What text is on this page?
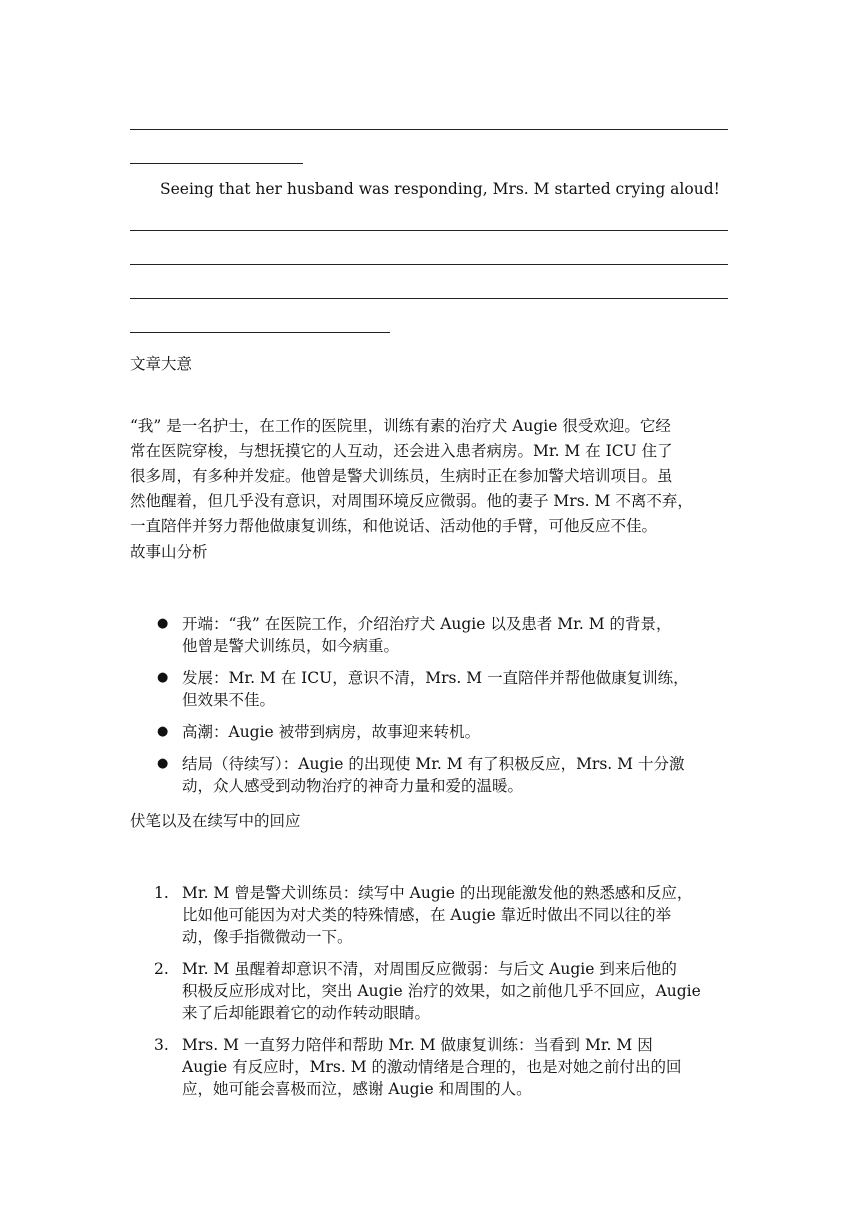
Seeing that her husband was responding, Mrs. M started crying aloud!
文章大意
“我” 是一名护士，在工作的医院里，训练有素的治疗犬 Augie 很受欢迎。它经
常在医院穿梭，与想抚摸它的人互动，还会进入患者病房。Mr. M 在 ICU 住了
很多周，有多种并发症。他曾是警犬训练员，生病时正在参加警犬培训项目。虽
然他醒着，但几乎没有意识，对周围环境反应微弱。他的妻子 Mrs. M 不离不弃，
一直陪伴并努力帮他做康复训练，和他说话、活动他的手臂，可他反应不佳。
故事山分析
● 开端：“我” 在医院工作，介绍治疗犬 Augie 以及患者 Mr. M 的背景，
他曾是警犬训练员，如今病重。
● 发展：Mr. M 在 ICU，意识不清，Mrs. M 一直陪伴并帮他做康复训练，
但效果不佳。
● 高潮：Augie 被带到病房，故事迎来转机。
● 结局（待续写）：Augie 的出现使 Mr. M 有了积极反应，Mrs. M 十分激
动，众人感受到动物治疗的神奇力量和爱的温暖。
伏笔以及在续写中的回应
1. Mr. M 曾是警犬训练员：续写中 Augie 的出现能激发他的熟悉感和反应，
比如他可能因为对犬类的特殊情感，在 Augie 靠近时做出不同以往的举
动，像手指微微动一下。
2. Mr. M 虽醒着却意识不清，对周围反应微弱：与后文 Augie 到来后他的
积极反应形成对比，突出 Augie 治疗的效果，如之前他几乎不回应，Augie
来了后却能跟着它的动作转动眼睛。
3. Mrs. M 一直努力陪伴和帮助 Mr. M 做康复训练：当看到 Mr. M 因
Augie 有反应时，Mrs. M 的激动情绪是合理的，也是对她之前付出的回
应，她可能会喜极而泣，感谢 Augie 和周围的人。
